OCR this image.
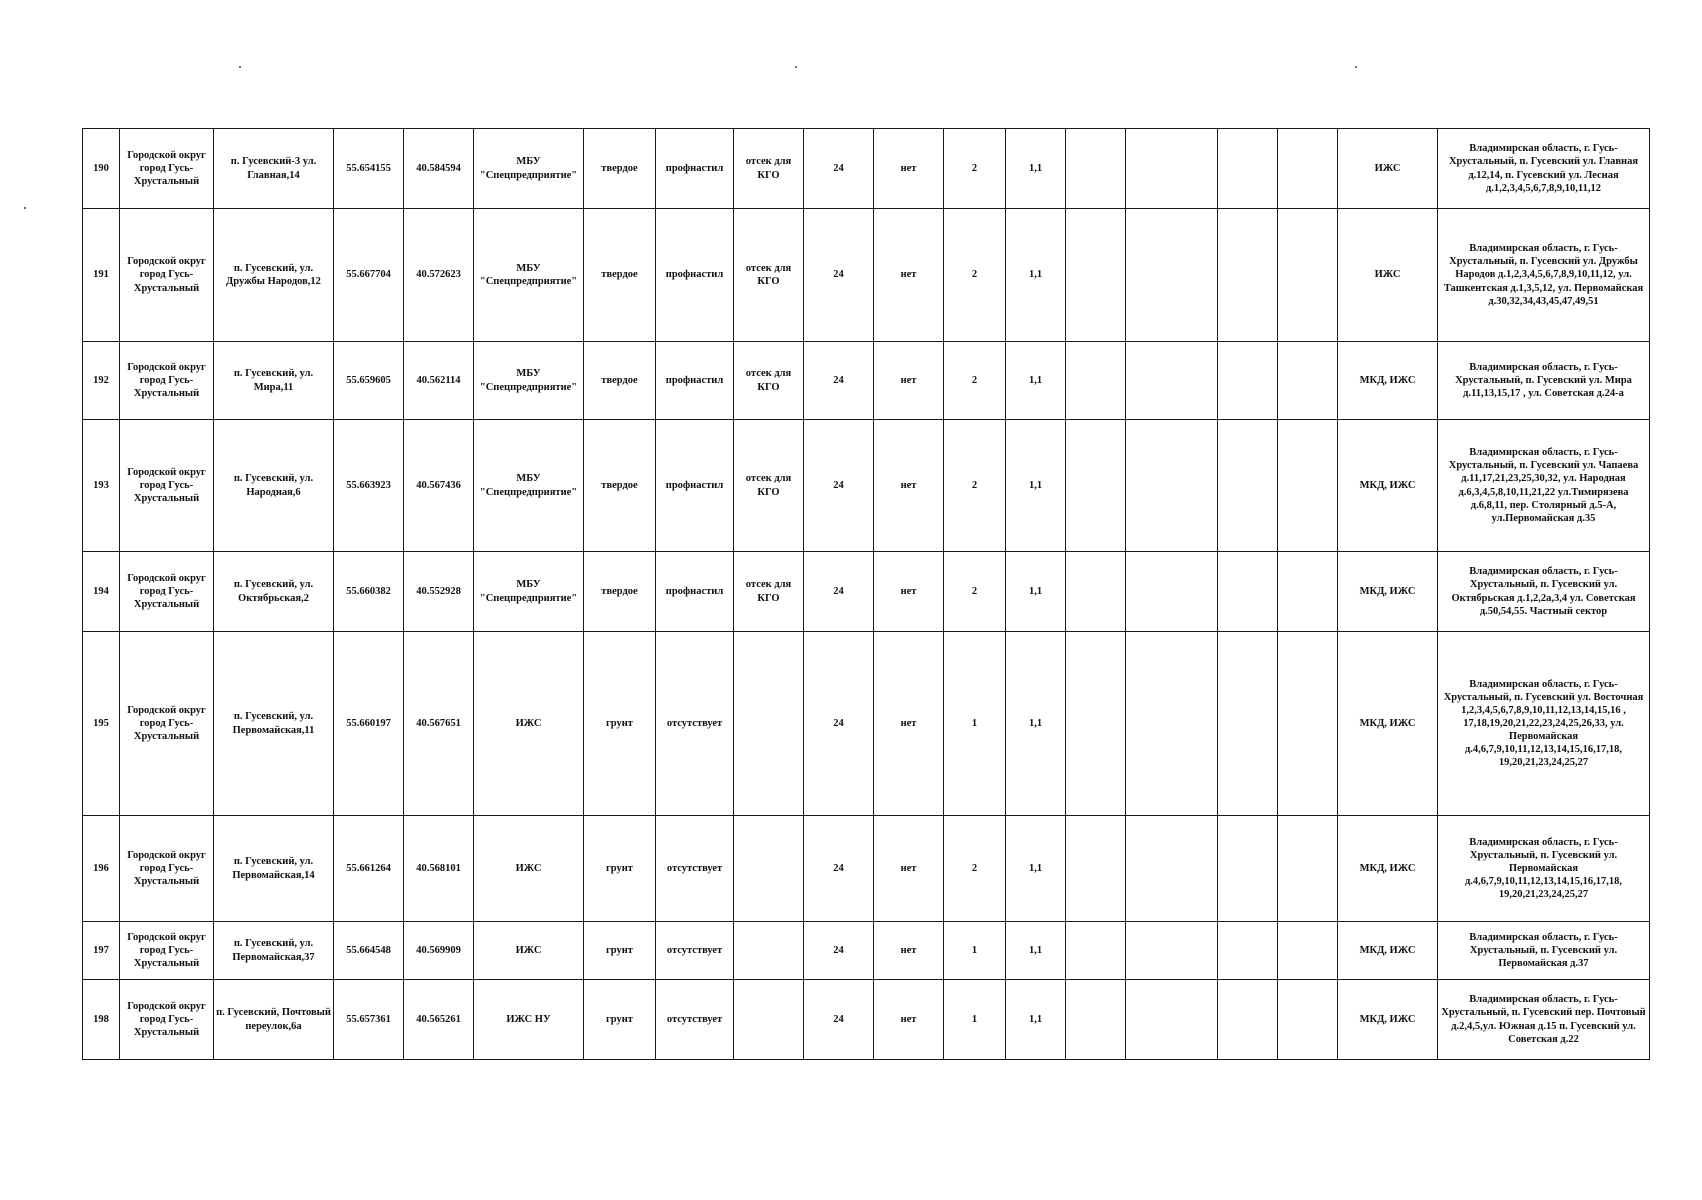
190	Городской округ город Гусь-Хрустальный	п. Гусевский-3 ул. Главная,14	55.654155	40.584594	МБУ "Спецпредприятие"	твердое	профнастил	отсек для КГО	24	нет	2	1,1					ИЖС	Владимирская область, г. Гусь-Хрустальный, п. Гусевский ул. Главная д.12,14, п. Гусевский ул. Лесная д.1,2,3,4,5,6,7,8,9,10,11,12
191	Городской округ город Гусь-Хрустальный	п. Гусевский, ул. Дружбы Народов,12	55.667704	40.572623	МБУ "Спецпредприятие"	твердое	профнастил	отсек для КГО	24	нет	2	1,1					ИЖС	Владимирская область, г. Гусь-Хрустальный, п. Гусевский ул. Дружбы Народов д.1,2,3,4,5,6,7,8,9,10,11,12, ул. Ташкентская д.1,3,5,12, ул. Первомайская д.30,32,34,43,45,47,49,51
192	Городской округ город Гусь-Хрустальный	п. Гусевский, ул. Мира,11	55.659605	40.562114	МБУ "Спецпредприятие"	твердое	профнастил	отсек для КГО	24	нет	2	1,1					МКД, ИЖС	Владимирская область, г. Гусь-Хрустальный, п. Гусевский ул. Мира д.11,13,15,17 , ул. Советская д.24-а
193	Городской округ город Гусь-Хрустальный	п. Гусевский, ул. Народная,6	55.663923	40.567436	МБУ "Спецпредприятие"	твердое	профнастил	отсек для КГО	24	нет	2	1,1					МКД, ИЖС	Владимирская область, г. Гусь-Хрустальный, п. Гусевский ул. Чапаева д.11,17,21,23,25,30,32, ул. Народная д.6,3,4,5,8,10,11,21,22 ул.Тимирязева д.6,8,11, пер. Столярный д.5-А, ул.Первомайская д.35
194	Городской округ город Гусь-Хрустальный	п. Гусевский, ул. Октябрьская,2	55.660382	40.552928	МБУ "Спецпредприятие"	твердое	профнастил	отсек для КГО	24	нет	2	1,1					МКД, ИЖС	Владимирская область, г. Гусь-Хрустальный, п. Гусевский ул. Октябрьская д.1,2,2а,3,4 ул. Советская д.50,54,55. Частный сектор
195	Городской округ город Гусь-Хрустальный	п. Гусевский, ул. Первомайская,11	55.660197	40.567651	ИЖС	грунт	отсутствует		24	нет	1	1,1					МКД, ИЖС	Владимирская область, г. Гусь-Хрустальный, п. Гусевский ул. Восточная 1,2,3,4,5,6,7,8,9,10,11,12,13,14,15,16 , 17,18,19,20,21,22,23,24,25,26,33, ул. Первомайская д.4,6,7,9,10,11,12,13,14,15,16,17,18, 19,20,21,23,24,25,27
196	Городской округ город Гусь-Хрустальный	п. Гусевский, ул. Первомайская,14	55.661264	40.568101	ИЖС	грунт	отсутствует		24	нет	2	1,1					МКД, ИЖС	Владимирская область, г. Гусь-Хрустальный, п. Гусевский ул. Первомайская д.4,6,7,9,10,11,12,13,14,15,16,17,18, 19,20,21,23,24,25,27
197	Городской округ город Гусь-Хрустальный	п. Гусевский, ул. Первомайская,37	55.664548	40.569909	ИЖС	грунт	отсутствует		24	нет	1	1,1					МКД, ИЖС	Владимирская область, г. Гусь-Хрустальный, п. Гусевский ул. Первомайская д.37
198	Городской округ город Гусь-Хрустальный	п. Гусевский, Почтовый переулок,6а	55.657361	40.565261	ИЖС НУ	грунт	отсутствует		24	нет	1	1,1					МКД, ИЖС	Владимирская область, г. Гусь-Хрустальный, п. Гусевский пер. Почтовый д.2,4,5,ул. Южная д.15 п. Гусевский ул. Советская д.22
